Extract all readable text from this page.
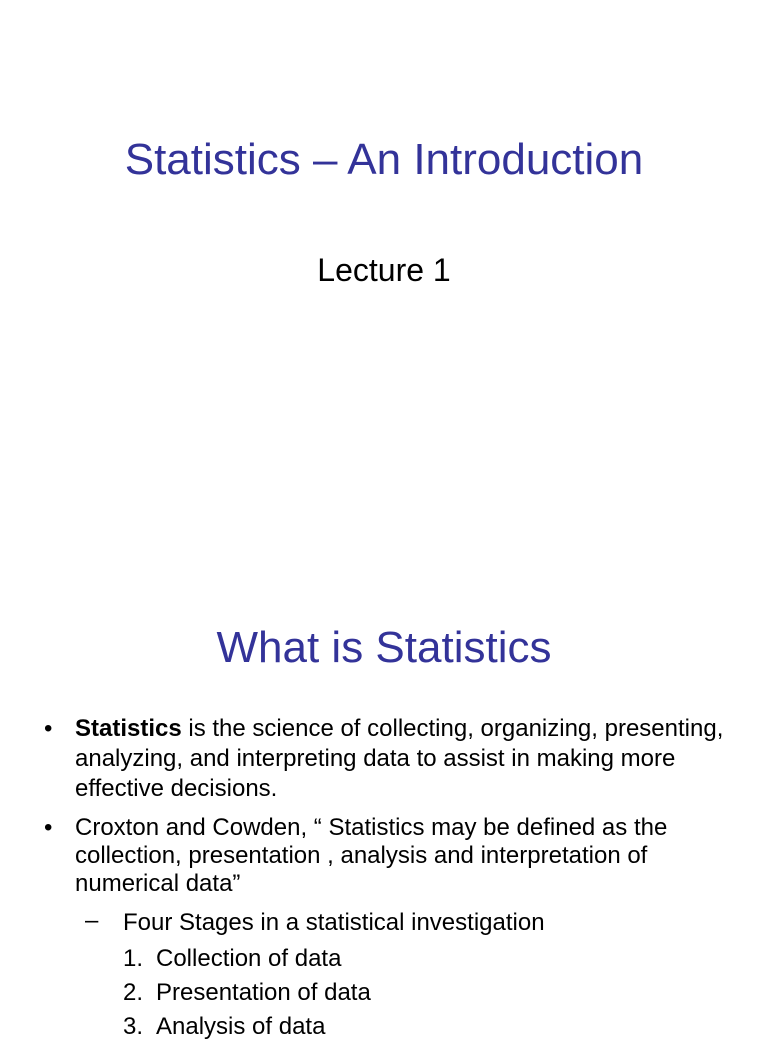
Statistics – An Introduction
Lecture 1
What is Statistics
• Statistics is the science of collecting, organizing, presenting, analyzing, and interpreting data to assist in making more effective decisions.
• Croxton and Cowden, “ Statistics may be defined as the collection, presentation , analysis and interpretation of numerical data”
– Four Stages in a statistical investigation
1. Collection of data
2. Presentation of data
3. Analysis of data
